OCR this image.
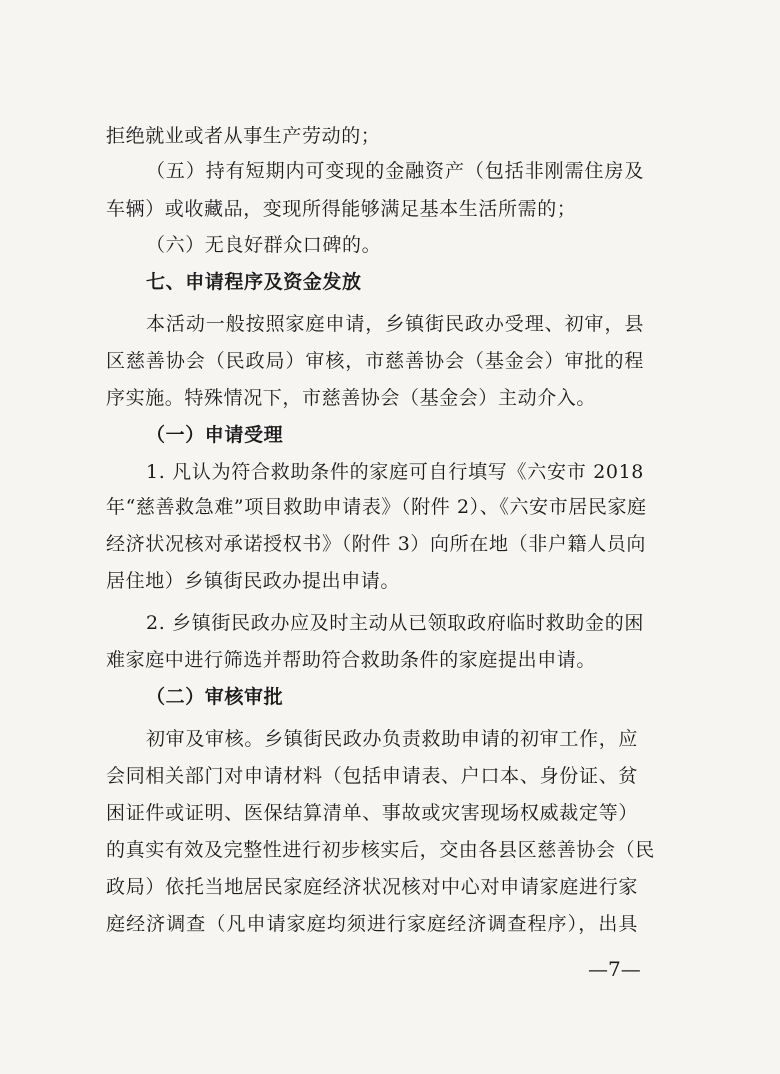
拒绝就业或者从事生产劳动的；
（五）持有短期内可变现的金融资产（包括非刚需住房及
车辆）或收藏品，变现所得能够满足基本生活所需的；
（六）无良好群众口碑的。
七、申请程序及资金发放
本活动一般按照家庭申请，乡镇街民政办受理、初审，县
区慈善协会（民政局）审核，市慈善协会（基金会）审批的程
序实施。特殊情况下，市慈善协会（基金会）主动介入。
（一）申请受理
1. 凡认为符合救助条件的家庭可自行填写《六安市 2018
年“慈善救急难”项目救助申请表》（附件 2）、《六安市居民家庭
经济状况核对承诺授权书》（附件 3）向所在地（非户籍人员向
居住地）乡镇街民政办提出申请。
2. 乡镇街民政办应及时主动从已领取政府临时救助金的困
难家庭中进行筛选并帮助符合救助条件的家庭提出申请。
（二）审核审批
初审及审核。乡镇街民政办负责救助申请的初审工作，应
会同相关部门对申请材料（包括申请表、户口本、身份证、贫
困证件或证明、医保结算清单、事故或灾害现场权威裁定等）
的真实有效及完整性进行初步核实后，交由各县区慈善协会（民
政局）依托当地居民家庭经济状况核对中心对申请家庭进行家
庭经济调查（凡申请家庭均须进行家庭经济调查程序），出具
—7—
